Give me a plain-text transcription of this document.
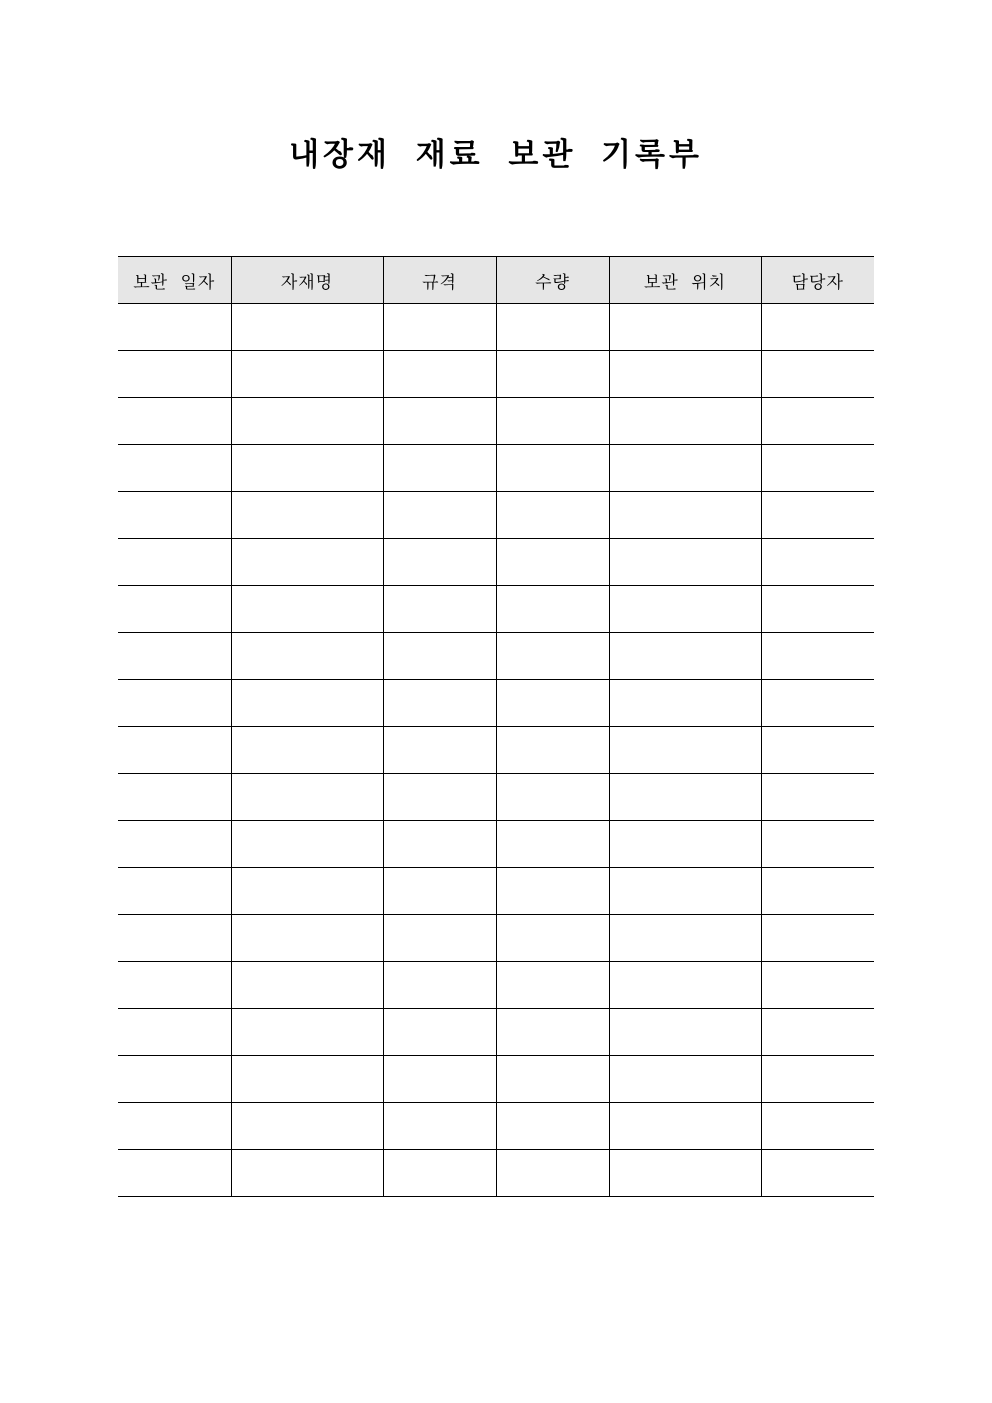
내장재 재료 보관 기록부
보관 일자	자재명	규격	수량	보관 위치	담당자
